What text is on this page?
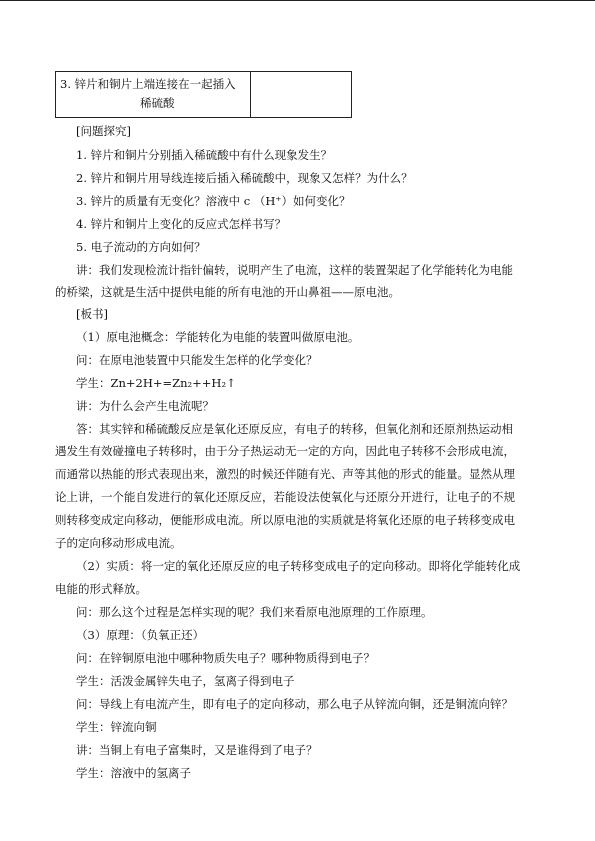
3. 锌片和铜片上端连接在一起插入
稀硫酸

[问题探究]
1. 锌片和铜片分别插入稀硫酸中有什么现象发生？
2. 锌片和铜片用导线连接后插入稀硫酸中，现象又怎样？为什么？
3. 锌片的质量有无变化？溶液中 c （H⁺）如何变化？
4. 锌片和铜片上变化的反应式怎样书写？
5. 电子流动的方向如何？
讲：我们发现检流计指针偏转，说明产生了电流，这样的装置架起了化学能转化为电能
的桥梁，这就是生活中提供电能的所有电池的开山鼻祖——原电池。
[板书]
（1）原电池概念：学能转化为电能的装置叫做原电池。
问：在原电池装置中只能发生怎样的化学变化？
学生：Zn+2H+=Zn₂++H₂↑
讲：为什么会产生电流呢？
答：其实锌和稀硫酸反应是氧化还原反应，有电子的转移，但氧化剂和还原剂热运动相
遇发生有效碰撞电子转移时，由于分子热运动无一定的方向，因此电子转移不会形成电流，
而通常以热能的形式表现出来，激烈的时候还伴随有光、声等其他的形式的能量。显然从理
论上讲，一个能自发进行的氧化还原反应，若能设法使氧化与还原分开进行，让电子的不规
则转移变成定向移动，便能形成电流。所以原电池的实质就是将氧化还原的电子转移变成电
子的定向移动形成电流。
（2）实质：将一定的氧化还原反应的电子转移变成电子的定向移动。即将化学能转化成
电能的形式释放。
问：那么这个过程是怎样实现的呢？我们来看原电池原理的工作原理。
（3）原理：（负氧正还）
问：在锌铜原电池中哪种物质失电子？哪种物质得到电子？
学生：活泼金属锌失电子，氢离子得到电子
问：导线上有电流产生，即有电子的定向移动，那么电子从锌流向铜，还是铜流向锌？
学生：锌流向铜
讲：当铜上有电子富集时，又是谁得到了电子？
学生：溶液中的氢离子
